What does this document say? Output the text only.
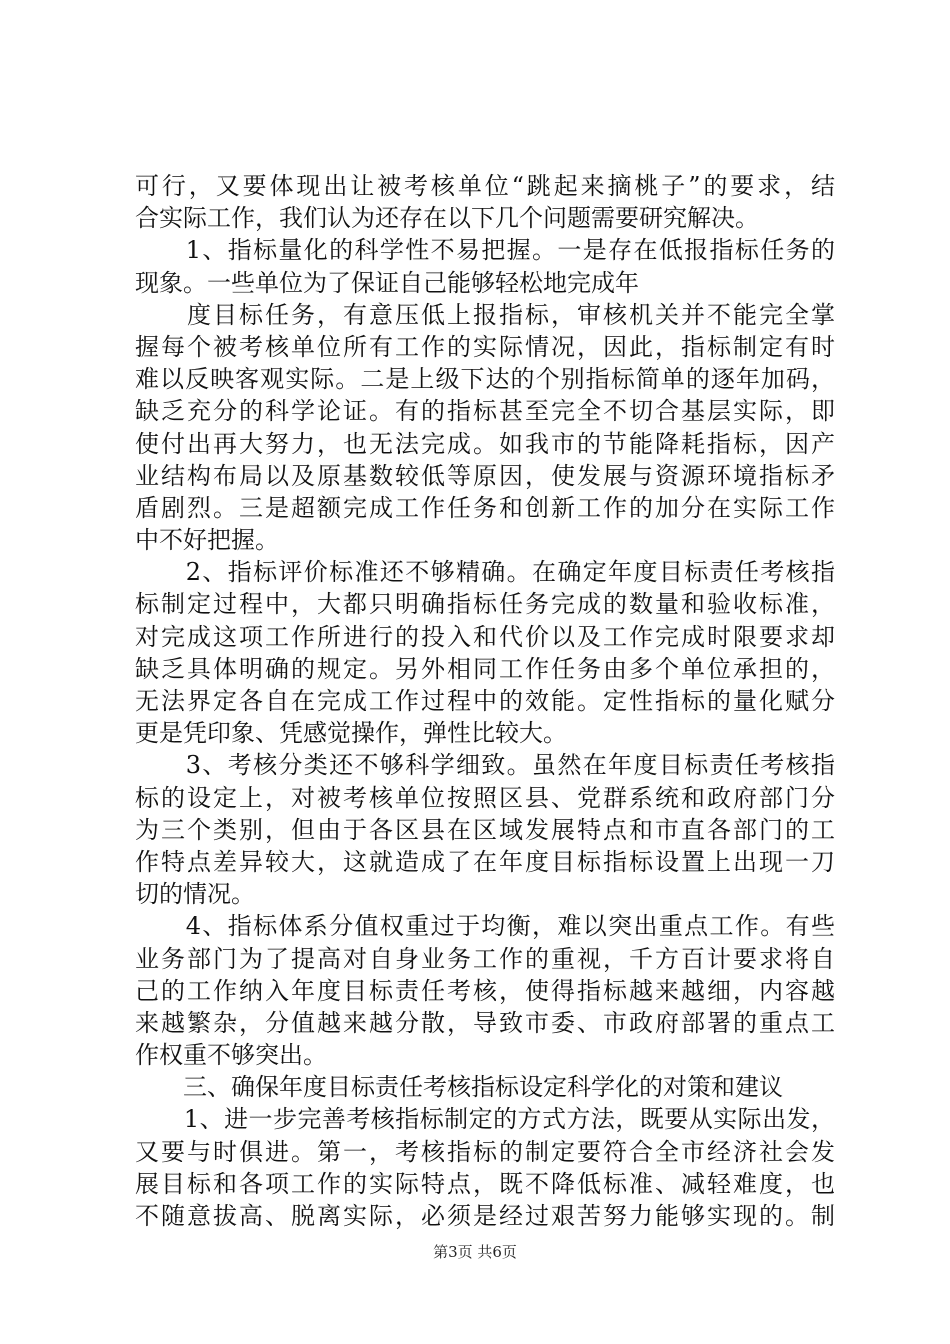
可行，又要体现出让被考核单位“跳起来摘桃子”的要求，结
合实际工作，我们认为还存在以下几个问题需要研究解决。
　　1、指标量化的科学性不易把握。一是存在低报指标任务的
现象。一些单位为了保证自己能够轻松地完成年
　　度目标任务，有意压低上报指标，审核机关并不能完全掌
握每个被考核单位所有工作的实际情况，因此，指标制定有时
难以反映客观实际。二是上级下达的个别指标简单的逐年加码，
缺乏充分的科学论证。有的指标甚至完全不切合基层实际，即
使付出再大努力，也无法完成。如我市的节能降耗指标，因产
业结构布局以及原基数较低等原因，使发展与资源环境指标矛
盾剧烈。三是超额完成工作任务和创新工作的加分在实际工作
中不好把握。
　　2、指标评价标准还不够精确。在确定年度目标责任考核指
标制定过程中，大都只明确指标任务完成的数量和验收标准，
对完成这项工作所进行的投入和代价以及工作完成时限要求却
缺乏具体明确的规定。另外相同工作任务由多个单位承担的，
无法界定各自在完成工作过程中的效能。定性指标的量化赋分
更是凭印象、凭感觉操作，弹性比较大。
　　3、考核分类还不够科学细致。虽然在年度目标责任考核指
标的设定上，对被考核单位按照区县、党群系统和政府部门分
为三个类别，但由于各区县在区域发展特点和市直各部门的工
作特点差异较大，这就造成了在年度目标指标设置上出现一刀
切的情况。
　　4、指标体系分值权重过于均衡，难以突出重点工作。有些
业务部门为了提高对自身业务工作的重视，千方百计要求将自
己的工作纳入年度目标责任考核，使得指标越来越细，内容越
来越繁杂，分值越来越分散，导致市委、市政府部署的重点工
作权重不够突出。
　　三、确保年度目标责任考核指标设定科学化的对策和建议
　　1、进一步完善考核指标制定的方式方法，既要从实际出发，
又要与时俱进。第一，考核指标的制定要符合全市经济社会发
展目标和各项工作的实际特点，既不降低标准、减轻难度，也
不随意拔高、脱离实际，必须是经过艰苦努力能够实现的。制
第3页 共6页
